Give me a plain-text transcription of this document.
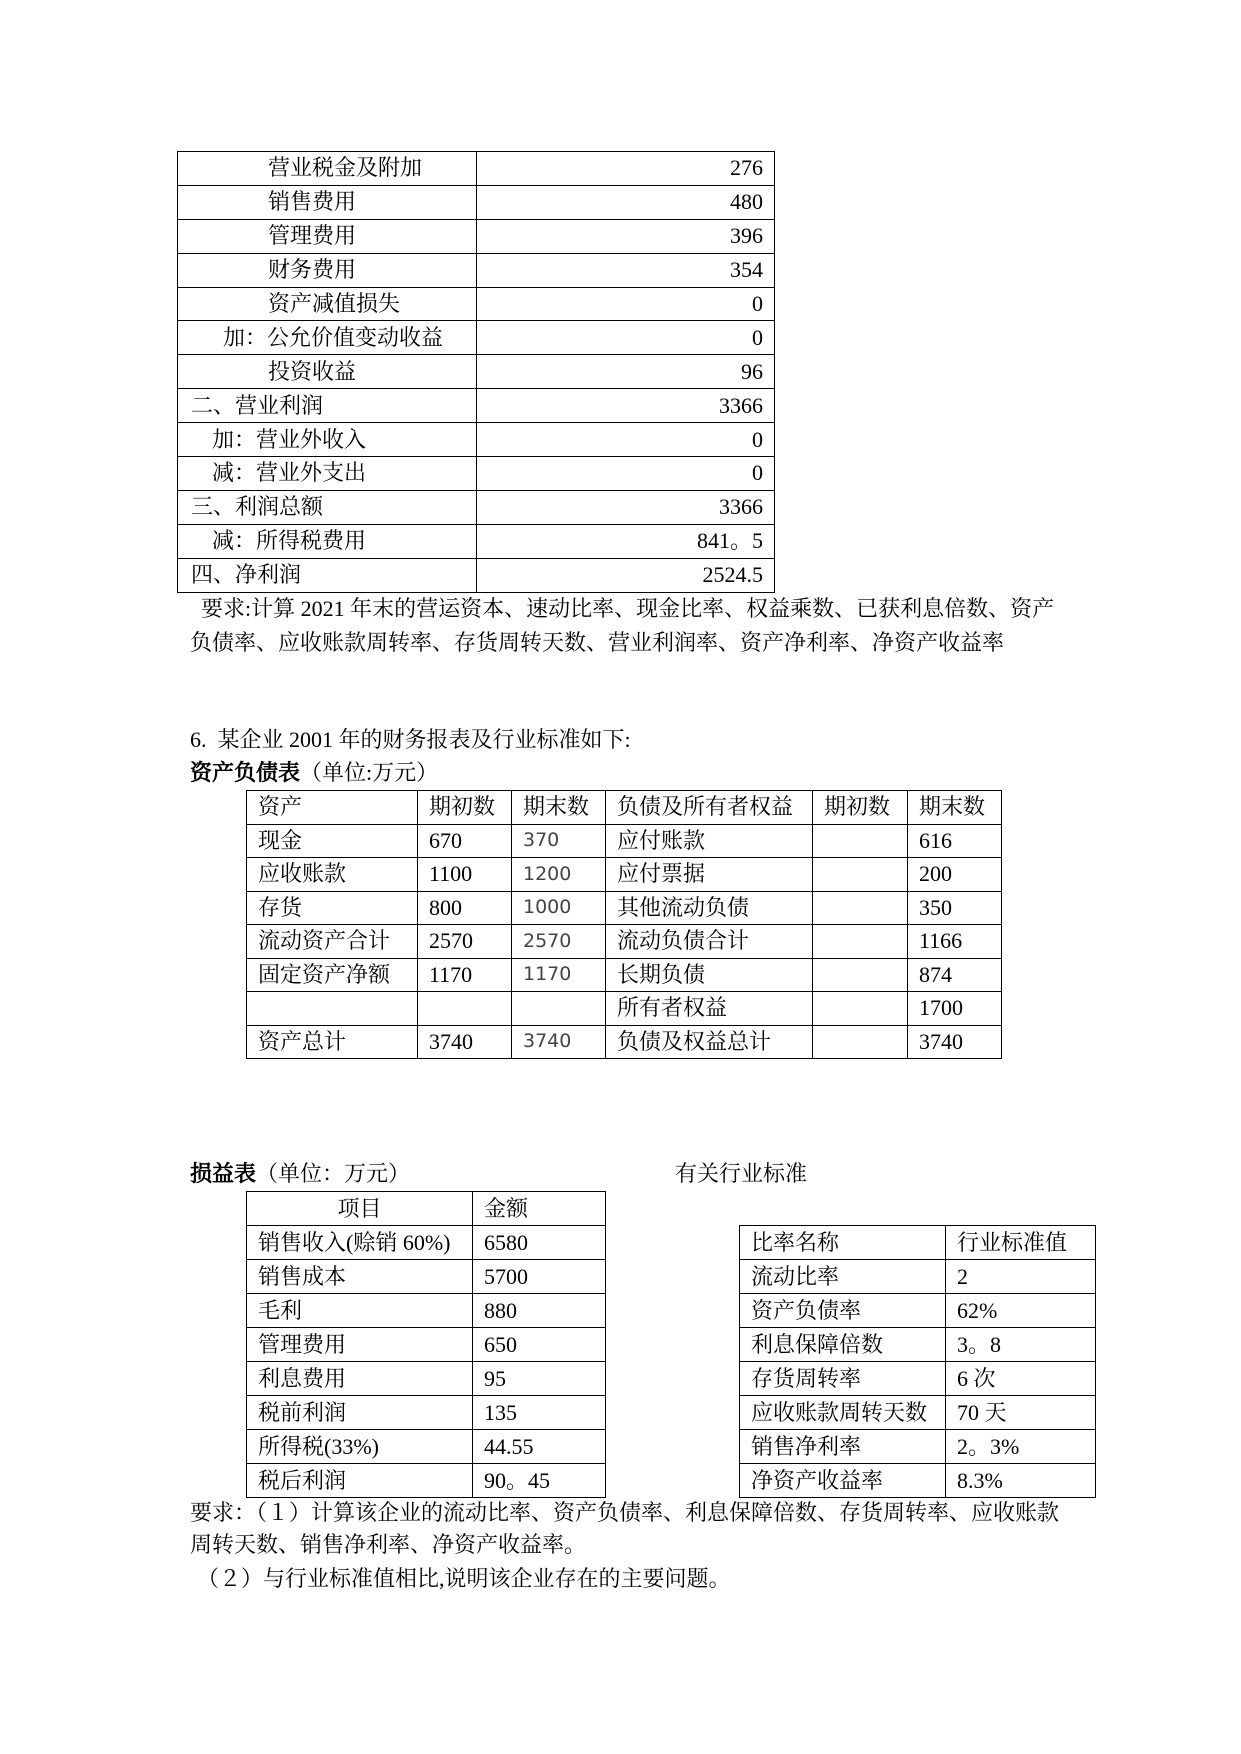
营业税金及附加	276
销售费用	480
管理费用	396
财务费用	354
资产减值损失	0
加：公允价值变动收益	0
投资收益	96
二、营业利润	3366
加：营业外收入	0
减：营业外支出	0
三、利润总额	3366
减：所得税费用	841。5
四、净利润	2524.5
要求:计算 2021 年末的营运资本、速动比率、现金比率、权益乘数、已获利息倍数、资产
负债率、应收账款周转率、存货周转天数、营业利润率、资产净利率、净资产收益率
6.  某企业 2001 年的财务报表及行业标准如下:
资产负债表（单位:万元）
资产	期初数	期末数	负债及所有者权益	期初数	期末数
现金	670	370	应付账款		616
应收账款	1100	1200	应付票据		200
存货	800	1000	其他流动负债		350
流动资产合计	2570	2570	流动负债合计		1166
固定资产净额	1170	1170	长期负债		874
			所有者权益		1700
资产总计	3740	3740	负债及权益总计		3740
损益表（单位：万元）	有关行业标准
项目	金额
销售收入(赊销 60%)	6580
销售成本	5700
毛利	880
管理费用	650
利息费用	95
税前利润	135
所得税(33%)	44.55
税后利润	90。45
比率名称	行业标准值
流动比率	2
资产负债率	62%
利息保障倍数	3。8
存货周转率	6 次
应收账款周转天数	70 天
销售净利率	2。3%
净资产收益率	8.3%
要求：（１）计算该企业的流动比率、资产负债率、利息保障倍数、存货周转率、应收账款
周转天数、销售净利率、净资产收益率。
（２）与行业标准值相比,说明该企业存在的主要问题。
